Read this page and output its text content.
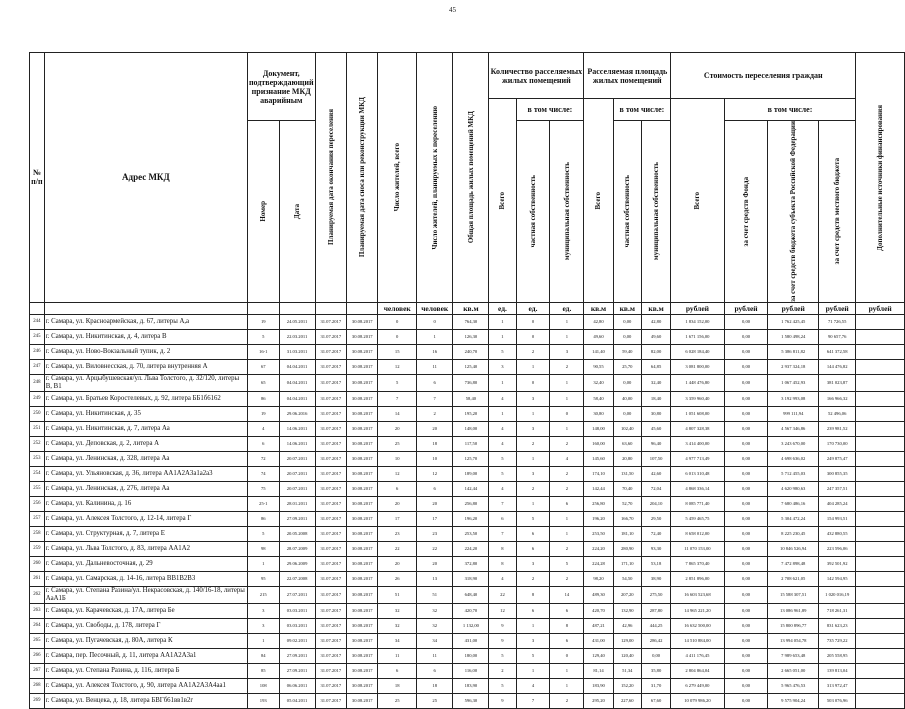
45
№ п/п	Адрес МКД	Документ, подтверждающий признание МКД аварийным		Планируемая дата окончания переселения	Планируемая дата сноса или реконструкции МКД	Число жителей, всего	Число жителей, планируемых к переселению	Общая площадь жилых помещений МКД	Количество расселяемых жилых помещений			Расселяемая площадь жилых помещений			Стоимость переселения граждан				Дополнительные источники финансирования

									Всего	в том числе:		Всего	в том числе:		Всего	в том числе:			

		Номер	Дата							частная собственность	муниципальная собственность		частная собственность	муниципальная собственность		за счет средств Фонда	за счет средств бюджета субъекта Российской Федерации	за счет средств местного бюджета	

						человек	человек	кв.м	ед.	ед.	ед.	кв.м	кв.м	кв.м	рублей	рублей	рублей	рублей	рублей
244	г. Самара, ул. Красноармейская, д. 67, литеры А,а	19	24.05.2011	31.07.2017	30.08.2017	0	0	764,30	1	0	1	42,80	0,00	42,80	1 834 152,00	0,00	1 762 425,45	71 726,55	
245	г. Самара, ул. Никитинская, д. 4, литера В	5	22.03.2011	31.07.2017	30.08.2017	0	1	126,30	1	0	1	49,60	0,00	49,60	1 671 156,00	0,00	1 580 498,24	90 657,76	
246	г. Самара, ул. Ново-Вокзальный тупик, д. 2	16-1	31.03.2011	31.07.2017	30.08.2017	15	16	240,70	5	2	3	141,40	59,40	82,00	6 028 184,40	0,00	5 386 811,82	641 372,58	
247	г. Самара, ул. Виловнесская, д. 70, литера внутренняя А	67	04.04.2011	31.07.2017	30.08.2017	12	11	125,40	3	1	2	90,55	25,70	64,85	3 081 800,00	0,00	2 937 324,18	144 476,82	
248	г. Самара, ул. Арцыбушевская/ул. Льва Толстого, д. 32/120, литеры В, В1	65	04.04.2011	31.07.2017	30.08.2017	5	6	736,80	1	0	1	32,40	0,00	32,40	1 448 476,80	0,00	1 067 452,93	381 023,87	
249	г. Самара, ул. Братьев Коростелевых, д. 92, литера ББ1б6162	86	04.04.2011	31.07.2017	30.08.2017	7	7	58,40	4	3	1	58,40	40,00	18,40	3 359 960,40	0,00	3 192 993,08	166 966,32	
250	г. Самара, ул. Никитинская, д. 35	19	29.06.2016	31.07.2017	30.08.2017	14	2	195,20	1	1	0	30,80	0,00	30,80	1 051 608,00	0,00	999 111,94	52 496,06	
251	г. Самара, ул. Никитинская, д. 7, литера Аа	4	14.06.2011	31.07.2017	30.08.2017	20	20	148,00	4	3	1	148,00	102,40	45,60	4 807 328,38	0,00	4 567 346,86	239 981,52	
252	г. Самара, ул. Деповская, д. 2, литера А	6	14.06.2011	31.07.2017	30.08.2017	25	18	117,50	4	2	2	160,00	63,60	96,40	3 414 400,00	0,00	3 243 670,00	170 730,00	
253	г. Самара, ул. Ленинская, д. 328, литера Аа	72	20.07.2011	31.07.2017	30.08.2017	10	10	125,70	5	1	4	145,60	20,80	107,50	4 977 713,49	0,00	4 698 636,02	249 875,47	
254	г. Самара, ул. Ульяновская, д. 36, литера АА1А2А3а1а2а3	74	20.07.2011	31.07.2017	30.08.2017	12	12	189,00	5	3	2	174,10	131,50	42,60	6 013 310,48	0,00	5 712 455,03	300 855,35	
255	г. Самара, ул. Ленинская, д. 276, литера Аа	75	20.07.2011	31.07.2017	30.08.2017	6	6	142,44	4	2	2	142,44	70,40	72,04	4 868 336,14	0,00	4 620 980,63	247 357,51	
256	г. Самара, ул. Калинина, д. 16	25-1	28.01.2011	31.07.2017	30.08.2017	20	20	256,80	7	1	6	256,80	52,70	204,10	8 085 771,40	0,00	7 680 486,16	404 285,24	
257	г. Самара, ул. Алексея Толстого, д. 12-14, литера Г	86	27.09.2011	31.07.2017	30.08.2017	17	17	196,20	6	5	1	196,20	166,70	29,50	5 459 465,75	0,00	5 304 472,24	154 993,51	
258	г. Самара, ул. Структурная, д. 7, литера Е	5	20.05.2008	31.07.2017	30.08.2017	23	23	253,50	7	6	1	253,50	181,10	72,40	8 658 012,00	0,00	8 225 230,45	432 880,55	
259	г. Самара, ул. Льва Толстого, д. 83, литера АА1А2	98	28.07.2009	31.07.2017	30.08.2017	22	22	224,20	8	6	2	224,20	280,90	93,30	11 070 153,00	0,00	10 846 526,94	223 596,06	
260	г. Самара, ул. Дальневосточная, д. 29	1	29.06.2009	31.07.2017	30.08.2017	20	20	372,80	8	3	5	224,28	171,10	53,18	7 865 370,40	0,00	7 472 898,48	392 501,92	
261	г. Самара, ул. Самарская, д. 14-16, литера ВВ1В2В3	95	22.07.2008	31.07.2017	30.08.2017	26	13	318,90	4	2	2	98,20	54,50	38,90	2 851 896,00	0,00	2 708 621,05	142 594,95	
262	г. Самара, ул. Степана Разина/ул. Некрасовская, д. 140/16-18, литеры АаА1Б	215	27.07.2011	31.07.2017	30.08.2017	51	51	648,40	22	8	14	489,30	207,20	275,50	16 603 523,68	0,00	15 588 307,51	1 020 016,19	
263	г. Самара, ул. Карачевская, д. 17А, литера Бе	3	03.03.2011	31.07.2017	30.08.2017	32	32	420,70	12	6	6	420,70	132,90	287,80	14 965 221,20	0,00	13 086 961,89	718 261,31	
264	г. Самара, ул. Свободы, д. 178, литера Г	3	03.03.2011	31.07.2017	30.08.2017	32	32	1 132,00	9	1	8	487,21	42,96	444,25	16 632 500,00	0,00	15 800 896,77	831 623,23	
265	г. Самара, ул. Пугачевская, д. 80А, литера К	1	09.02.2011	31.07.2017	30.08.2017	34	34	431,00	9	3	6	431,00	129,00	286,42	14 510 884,00	0,00	13 994 054,78	735 729,22	
266	г. Самара, пер. Песочный, д. 11, литера АА1А2А3а1	84	27.09.2011	31.07.2017	30.08.2017	11	11	180,00	5	5	0	129,40	120,40	0,00	4 411 176,45	0,00	7 989 653,48	205 558,95	
267	г. Самара, ул. Степана Разина, д. 116, литера Б	85	27.09.2011	31.07.2017	30.08.2017	6	6	116,00	2	1	1	81,14	51,34	35,80	2 804 864,04	0,00	2 665 051,00	139 813,04	
268	г. Самара, ул. Алексея Толстого, д. 90, литера АА1А2А3А4аа1	108	06.06.2011	31.07.2017	30.08.2017	18	18	183,90	5	4	1	183,90	152,20	31,70	6 279 449,00	0,00	5 965 476,53	313 972,47	
269	г. Самара, ул. Венцека, д. 18, литера БВГб61вв1в2г	193	05.04.2011	31.07.2017	30.08.2017	25	25	596,30	9	7	2	295,20	227,60	67,60	10 079 986,20	0,00	9 575 904,24	503 076,96	
